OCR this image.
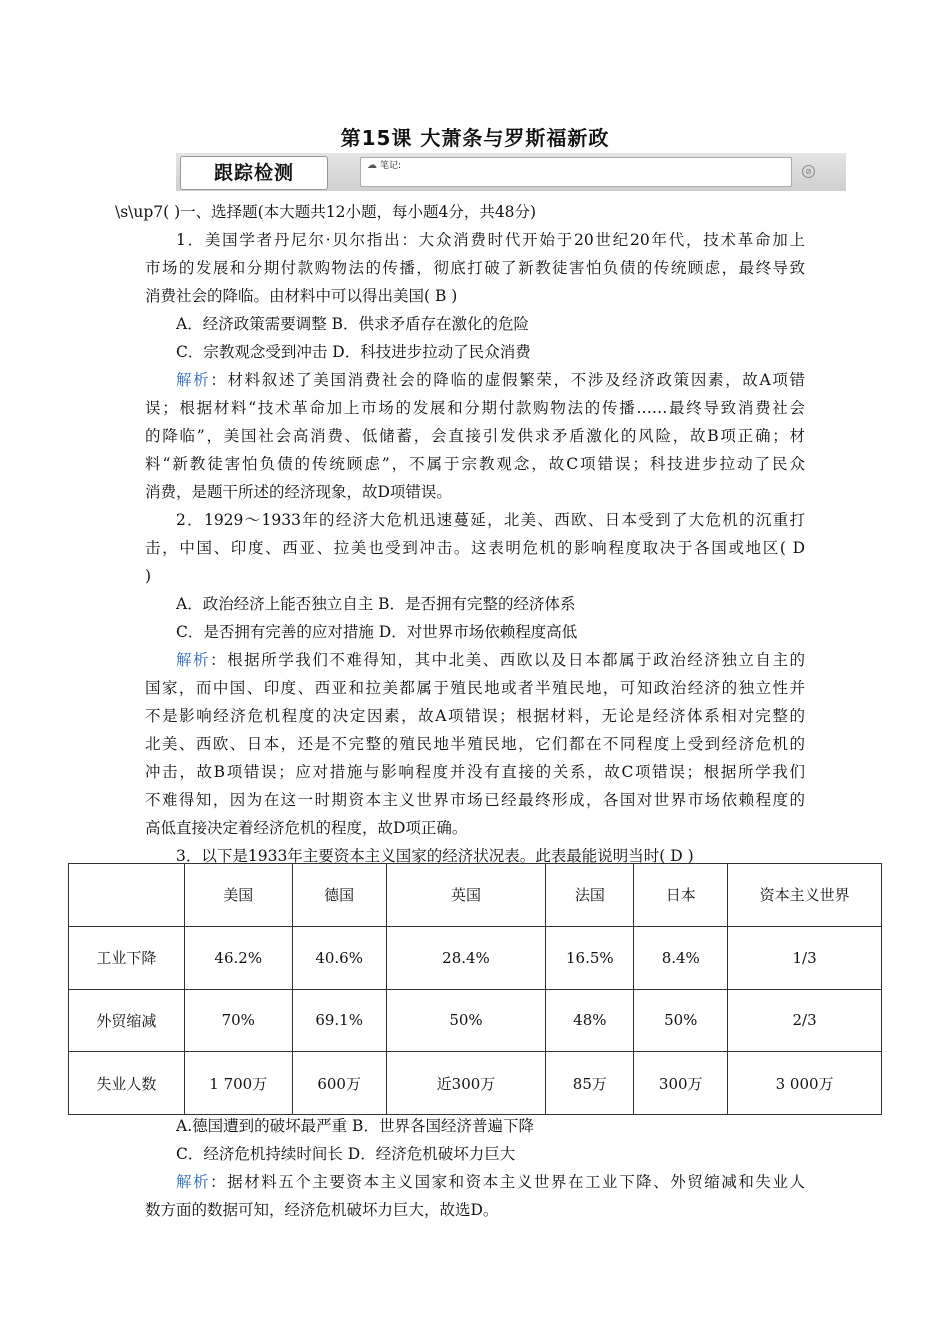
第15课 大萧条与罗斯福新政
跟踪检测	☁ 笔记:
⊘
\s\up7( )一、选择题(本大题共12小题，每小题4分，共48分)
1．美国学者丹尼尔·贝尔指出：大众消费时代开始于20世纪20年代，技术革命加上
市场的发展和分期付款购物法的传播，彻底打破了新教徒害怕负债的传统顾虑，最终导致
消费社会的降临。由材料中可以得出美国( B )
A．经济政策需要调整 B．供求矛盾存在激化的危险
C．宗教观念受到冲击 D．科技进步拉动了民众消费
解析：材料叙述了美国消费社会的降临的虚假繁荣，不涉及经济政策因素，故A项错
误；根据材料“技术革命加上市场的发展和分期付款购物法的传播……最终导致消费社会
的降临”，美国社会高消费、低储蓄，会直接引发供求矛盾激化的风险，故B项正确；材
料“新教徒害怕负债的传统顾虑”，不属于宗教观念，故C项错误；科技进步拉动了民众
消费，是题干所述的经济现象，故D项错误。
2．1929～1933年的经济大危机迅速蔓延，北美、西欧、日本受到了大危机的沉重打
击，中国、印度、西亚、拉美也受到冲击。这表明危机的影响程度取决于各国或地区( D
)
A．政治经济上能否独立自主 B．是否拥有完整的经济体系
C．是否拥有完善的应对措施 D．对世界市场依赖程度高低
解析：根据所学我们不难得知，其中北美、西欧以及日本都属于政治经济独立自主的
国家，而中国、印度、西亚和拉美都属于殖民地或者半殖民地，可知政治经济的独立性并
不是影响经济危机程度的决定因素，故A项错误；根据材料，无论是经济体系相对完整的
北美、西欧、日本，还是不完整的殖民地半殖民地，它们都在不同程度上受到经济危机的
冲击，故B项错误；应对措施与影响程度并没有直接的关系，故C项错误；根据所学我们
不难得知，因为在这一时期资本主义世界市场已经最终形成，各国对世界市场依赖程度的
高低直接决定着经济危机的程度，故D项正确。
3．以下是1933年主要资本主义国家的经济状况表。此表最能说明当时( D )
	美国	德国	英国	法国	日本	资本主义世界
工业下降	46.2%	40.6%	28.4%	16.5%	8.4%	1/3
外贸缩减	70%	69.1%	50%	48%	50%	2/3
失业人数	1 700万	600万	近300万	85万	300万	3 000万
A.德国遭到的破坏最严重 B．世界各国经济普遍下降
C．经济危机持续时间长 D．经济危机破坏力巨大
解析：据材料五个主要资本主义国家和资本主义世界在工业下降、外贸缩减和失业人
数方面的数据可知，经济危机破坏力巨大，故选D。
